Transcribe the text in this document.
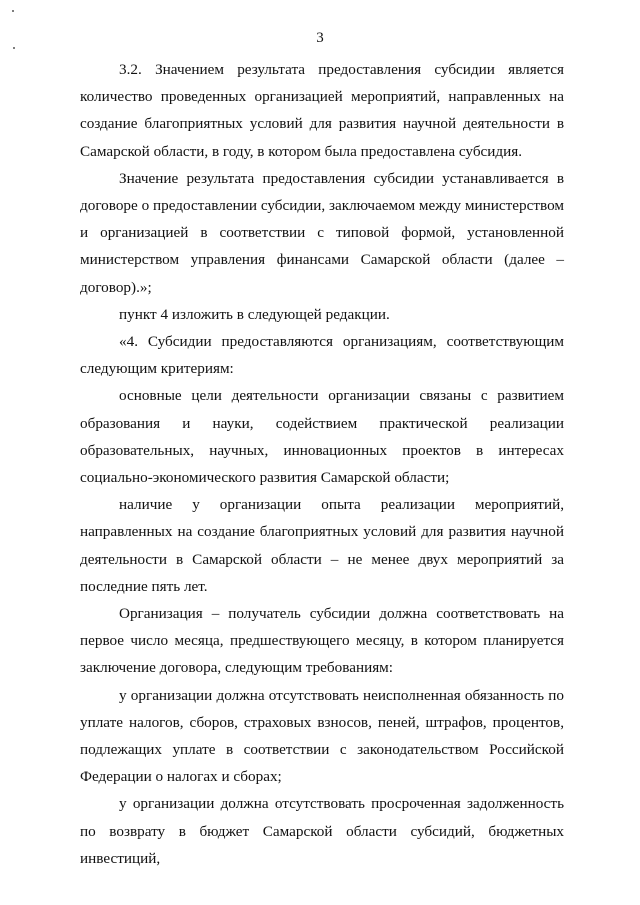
3

3.2. Значением результата предоставления субсидии является количество проведенных организацией мероприятий, направленных на создание благоприятных условий для развития научной деятельности в Самарской области, в году, в котором была предоставлена субсидия.

Значение результата предоставления субсидии устанавливается в договоре о предоставлении субсидии, заключаемом между министерством и организацией в соответствии с типовой формой, установленной министерством управления финансами Самарской области (далее – договор).»;

пункт 4 изложить в следующей редакции.

«4. Субсидии предоставляются организациям, соответствующим следующим критериям:

основные цели деятельности организации связаны с развитием образования и науки, содействием практической реализации образовательных, научных, инновационных проектов в интересах социально-экономического развития Самарской области;

наличие у организации опыта реализации мероприятий, направленных на создание благоприятных условий для развития научной деятельности в Самарской области – не менее двух мероприятий за последние пять лет.

Организация – получатель субсидии должна соответствовать на первое число месяца, предшествующего месяцу, в котором планируется заключение договора, следующим требованиям:

у организации должна отсутствовать неисполненная обязанность по уплате налогов, сборов, страховых взносов, пеней, штрафов, процентов, подлежащих уплате в соответствии с законодательством Российской Федерации о налогах и сборах;

у организации должна отсутствовать просроченная задолженность по возврату в бюджет Самарской области субсидий, бюджетных инвестиций,
